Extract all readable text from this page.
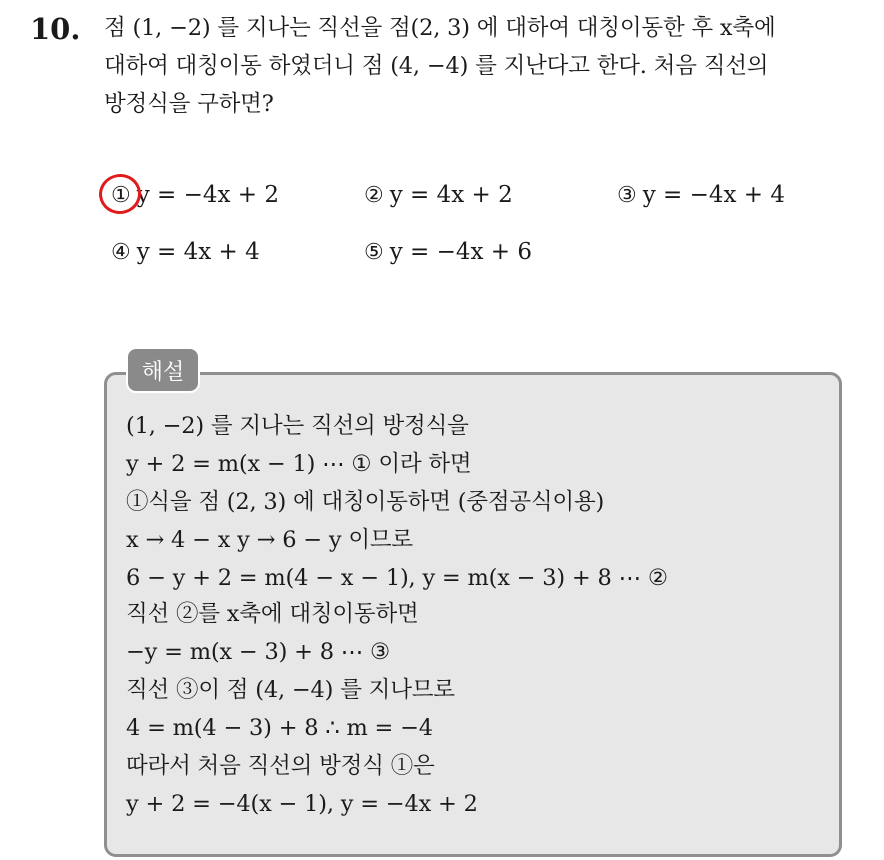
10. 점 (1, −2) 를 지나는 직선을 점(2, 3) 에 대하여 대칭이동한 후 x축에
대하여 대칭이동 하였더니 점 (4, −4) 를 지난다고 한다. 처음 직선의
방정식을 구하면?
① y = −4x + 2	② y = 4x + 2	③ y = −4x + 4
④ y = 4x + 4	⑤ y = −4x + 6
해설
(1, −2) 를 지나는 직선의 방정식을
y + 2 = m(x − 1) ⋯ ① 이라 하면
①식을 점 (2, 3) 에 대칭이동하면 (중점공식이용)
x → 4 − x y → 6 − y 이므로
6 − y + 2 = m(4 − x − 1), y = m(x − 3) + 8 ⋯ ②
직선 ②를 x축에 대칭이동하면
−y = m(x − 3) + 8 ⋯ ③
직선 ③이 점 (4, −4) 를 지나므로
4 = m(4 − 3) + 8 ∴ m = −4
따라서 처음 직선의 방정식 ①은
y + 2 = −4(x − 1), y = −4x + 2
